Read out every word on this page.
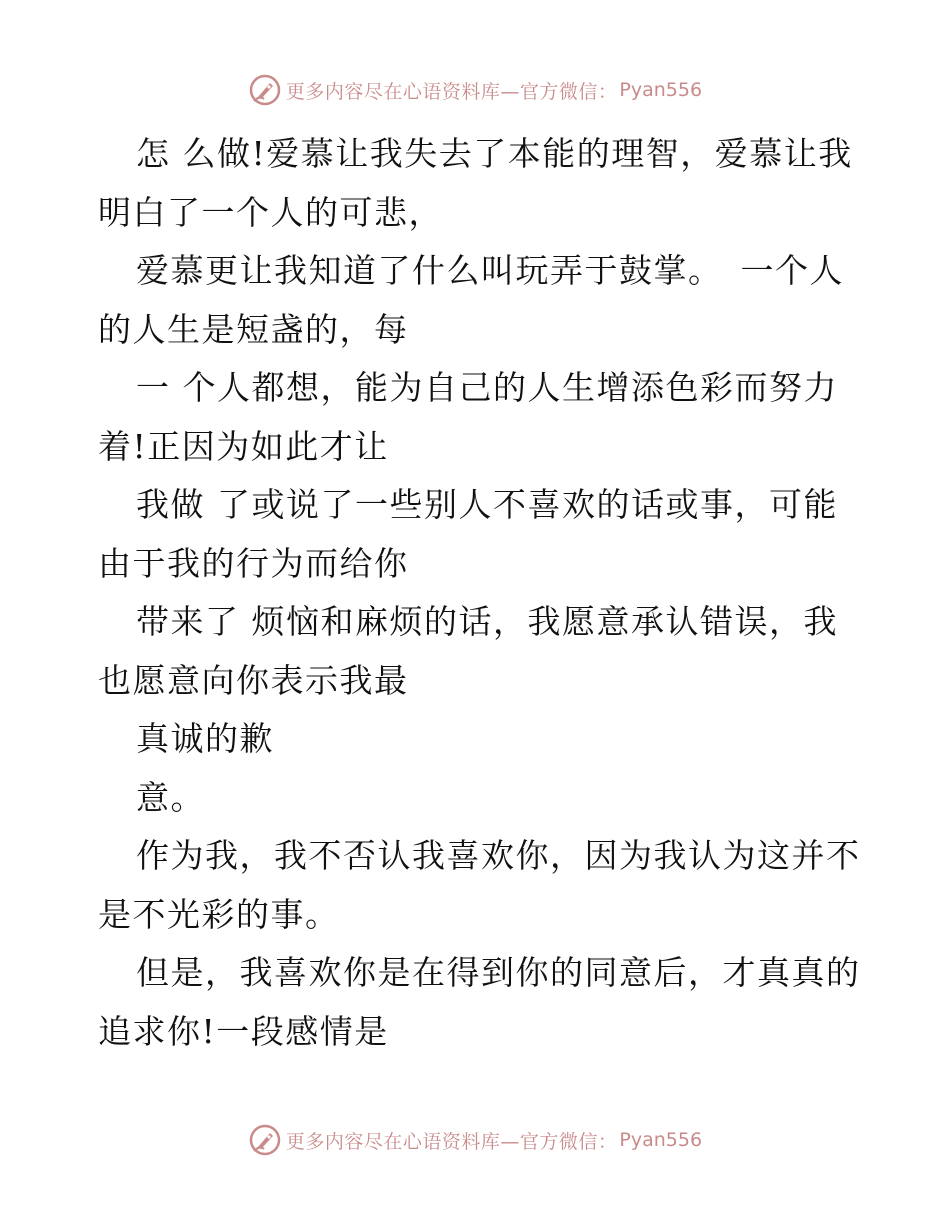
更多内容尽在心语资料库—官方微信： Pyan556
怎 么做!爱慕让我失去了本能的理智，爱慕让我
明白了一个人的可悲，
爱慕更让我知道了什么叫玩弄于鼓掌。　一个人
的人生是短盏的，每
一 个人都想，能为自己的人生增添色彩而努力
着!正因为如此才让
我做 了或说了一些别人不喜欢的话或事，可能
由于我的行为而给你
带来了 烦恼和麻烦的话，我愿意承认错误，我
也愿意向你表示我最
真诚的歉
意。
作为我，我不否认我喜欢你，因为我认为这并不
是不光彩的事。
但是，我喜欢你是在得到你的同意后，才真真的
追求你!一段感情是
更多内容尽在心语资料库—官方微信： Pyan556
